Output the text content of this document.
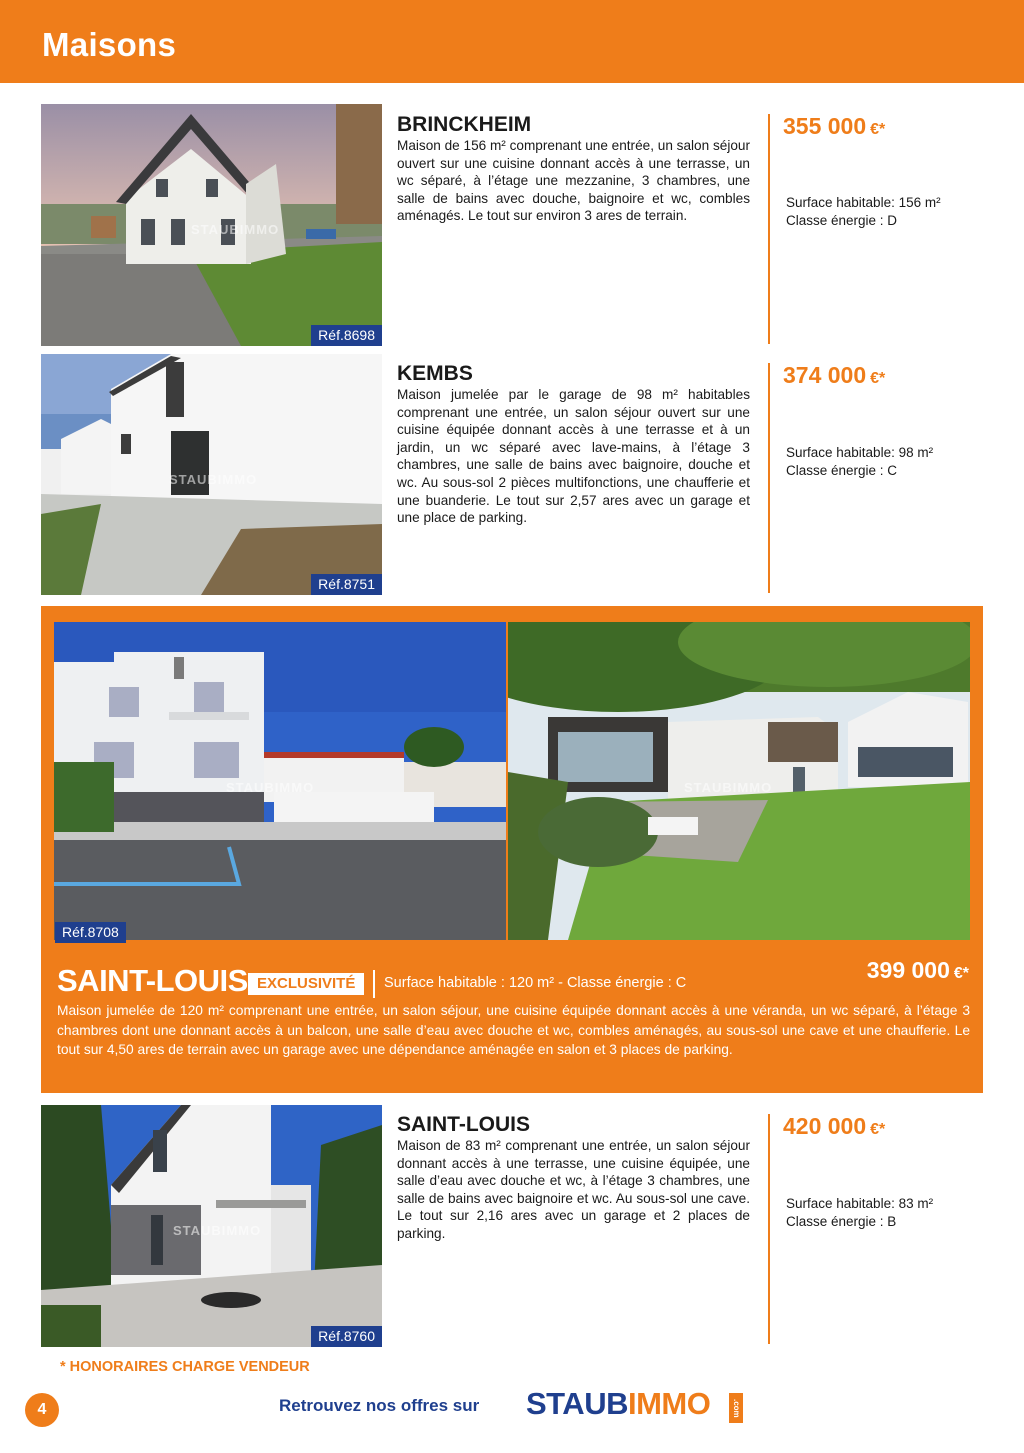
Maisons
STAUBIMMO
Réf.8698
BRINCKHEIM
Maison de 156 m² comprenant une entrée, un salon séjour ouvert sur une cuisine donnant accès à une terrasse, un wc séparé, à l’étage une mezzanine, 3 chambres, une salle de bains avec douche, baignoire et wc, combles aménagés. Le tout sur environ 3 ares de terrain.
355 000 €*
Surface habitable: 156 m²
Classe énergie : D
STAUBIMMO
Réf.8751
KEMBS
Maison jumelée par le garage de 98 m² habitables comprenant une entrée, un salon séjour ouvert sur une cuisine équipée donnant accès à une terrasse et à un jardin, un wc séparé avec lave-mains, à l’étage 3 chambres, une salle de bains avec baignoire, douche et wc. Au sous-sol 2 pièces multifonctions, une chaufferie et une buanderie. Le tout sur 2,57 ares avec un garage et une place de parking.
374 000 €*
Surface habitable: 98 m²
Classe énergie : C
STAUBIMMO	STAUBIMMO
Réf.8708
SAINT-LOUIS EXCLUSIVITÉ	Surface habitable : 120 m² - Classe énergie : C	399 000 €*
Maison jumelée de 120 m² comprenant une entrée, un salon séjour, une cuisine équipée donnant accès à une véranda, un wc séparé, à l’étage 3 chambres dont une donnant accès à un balcon, une salle d’eau avec douche et wc, combles aménagés, au sous-sol une cave et une chaufferie. Le tout sur 4,50 ares de terrain avec un garage avec une dépendance aménagée en salon et 3 places de parking.
STAUBIMMO
Réf.8760
SAINT-LOUIS
Maison de 83 m² comprenant une entrée, un salon séjour donnant accès à une terrasse, une cuisine équipée, une salle d’eau avec douche et wc, à l’étage 3 chambres, une salle de bains avec baignoire et wc. Au sous-sol une cave. Le tout sur 2,16 ares avec un garage et 2 places de parking.
420 000 €*
Surface habitable: 83 m²
Classe énergie : B
* HONORAIRES CHARGE VENDEUR
4	Retrouvez nos offres sur STAUBIMMO	.com
